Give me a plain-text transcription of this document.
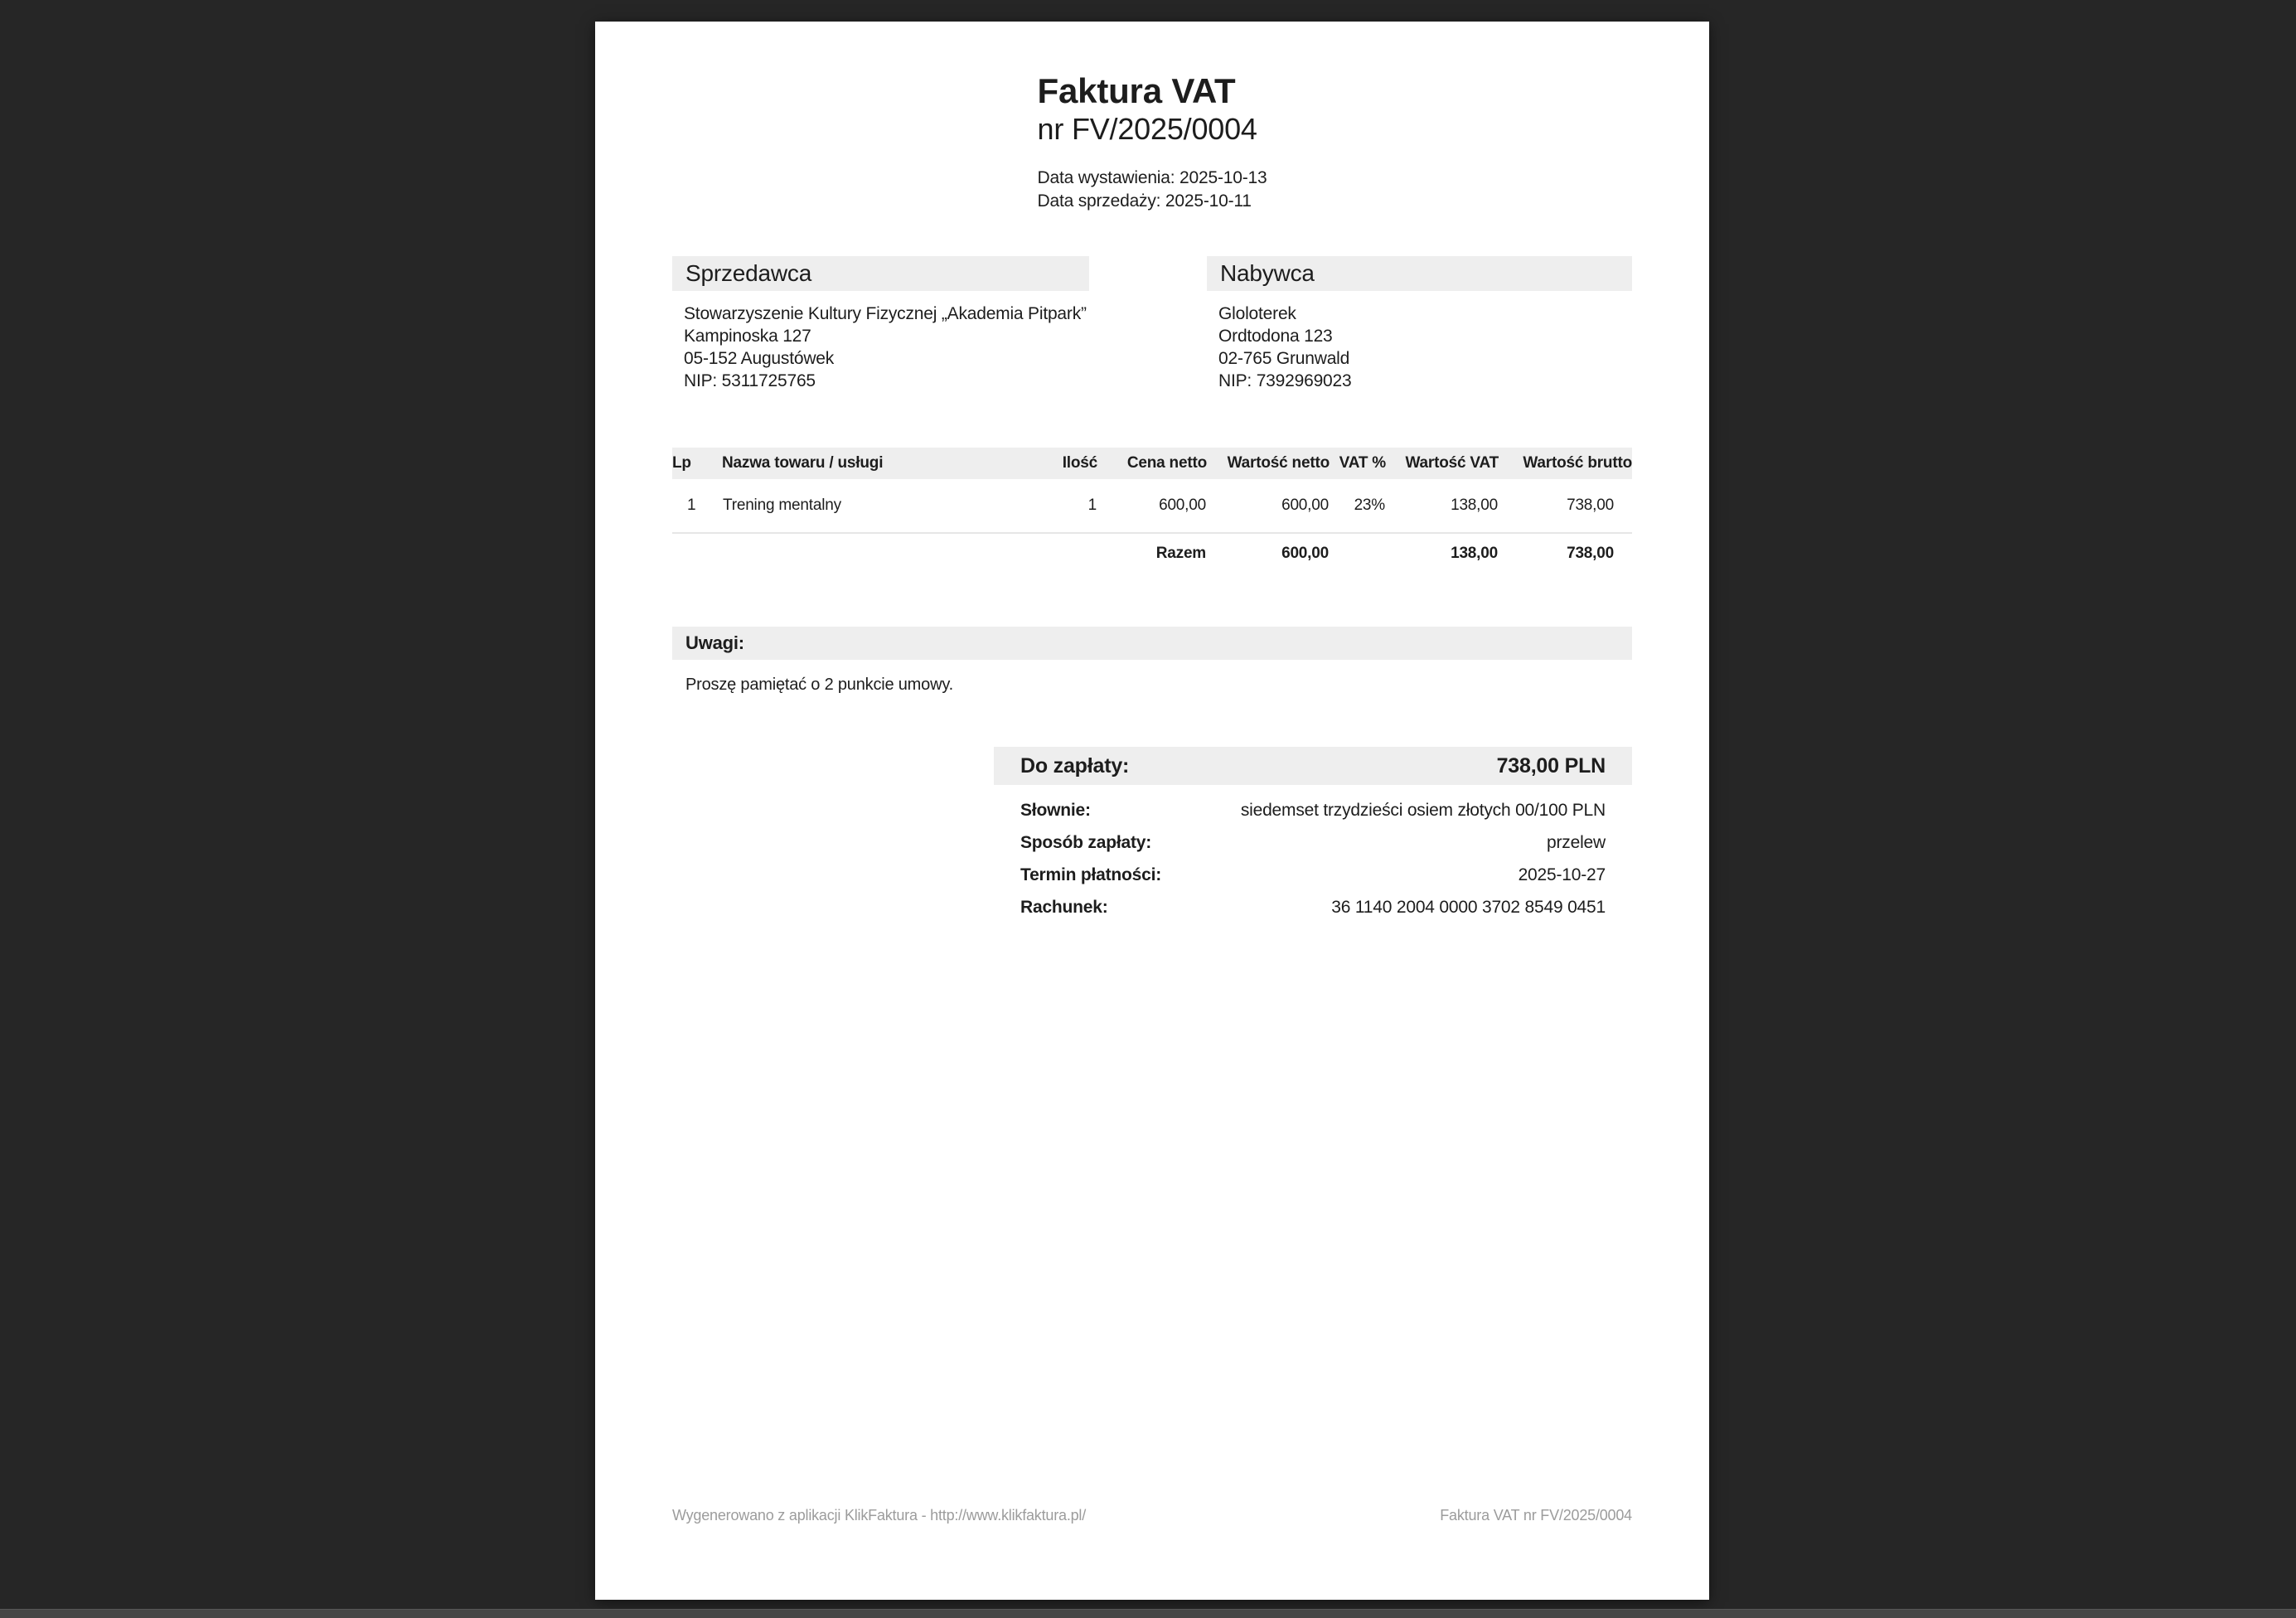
Faktura VAT
nr FV/2025/0004
Data wystawienia: 2025-10-13
Data sprzedaży: 2025-10-11
Sprzedawca
Stowarzyszenie Kultury Fizycznej „Akademia Pitpark”
Kampinoska 127
05-152 Augustówek
NIP: 5311725765
Nabywca
Gloloterek
Ordtodona 123
02-765 Grunwald
NIP: 7392969023
Lp	Nazwa towaru / usługi	Ilość	Cena netto	Wartość netto	VAT %	Wartość VAT	Wartość brutto
1	Trening mentalny	1	600,00	600,00	23%	138,00	738,00
			Razem	600,00		138,00	738,00
Uwagi:
Proszę pamiętać o 2 punkcie umowy.
Do zapłaty:	738,00 PLN
Słownie:	siedemset trzydzieści osiem złotych 00/100 PLN
Sposób zapłaty:	przelew
Termin płatności:	2025-10-27
Rachunek:	36 1140 2004 0000 3702 8549 0451
Wygenerowano z aplikacji KlikFaktura - http://www.klikfaktura.pl/	Faktura VAT nr FV/2025/0004
